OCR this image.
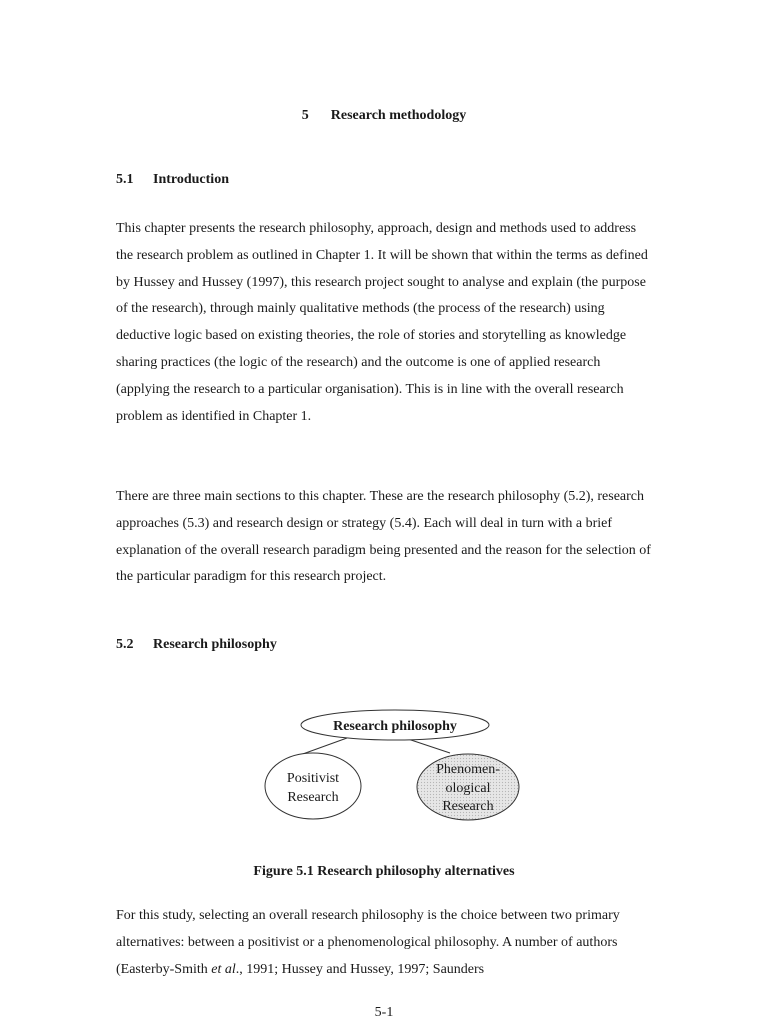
5 Research methodology
5.1 Introduction

This chapter presents the research philosophy, approach, design and methods used to address the research problem as outlined in Chapter 1. It will be shown that within the terms as defined by Hussey and Hussey (1997), this research project sought to analyse and explain (the purpose of the research), through mainly qualitative methods (the process of the research) using deductive logic based on existing theories, the role of stories and storytelling as knowledge sharing practices (the logic of the research) and the outcome is one of applied research (applying the research to a particular organisation). This is in line with the overall research problem as identified in Chapter 1.

There are three main sections to this chapter. These are the research philosophy (5.2), research approaches (5.3) and research design or strategy (5.4). Each will deal in turn with a brief explanation of the overall research paradigm being presented and the reason for the selection of the particular paradigm for this research project.

5.2 Research philosophy
Research philosophy
Positivist
Research
Phenomen-
ological
Research
Figure 5.1 Research philosophy alternatives

For this study, selecting an overall research philosophy is the choice between two primary alternatives: between a positivist or a phenomenological philosophy. A number of authors (Easterby-Smith et al., 1991; Hussey and Hussey, 1997; Saunders

5-1
